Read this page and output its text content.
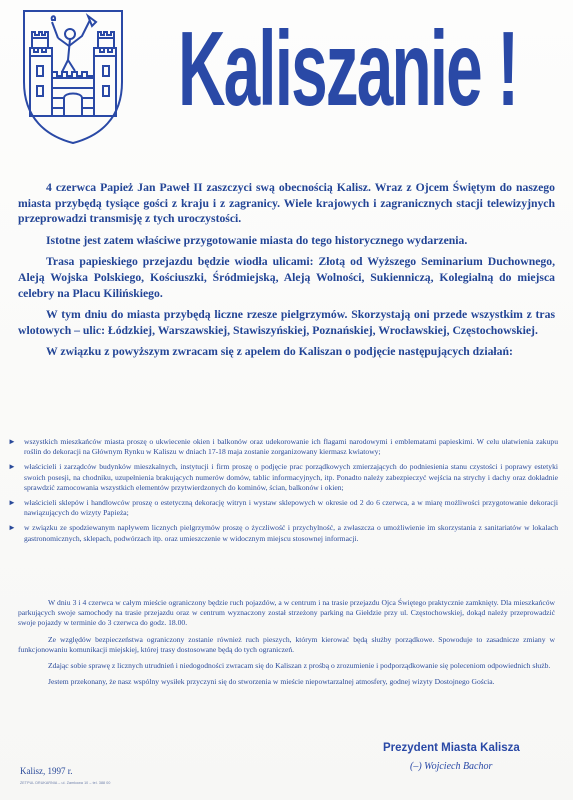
Kaliszanie !

4 czerwca Papież Jan Paweł II zaszczyci swą obecnością Kalisz. Wraz z Ojcem Świętym do naszego miasta przybędą tysiące gości z kraju i z zagranicy. Wiele krajowych i zagranicznych stacji telewizyjnych przeprowadzi transmisję z tych uroczystości.

Istotne jest zatem właściwe przygotowanie miasta do tego historycznego wydarzenia.

Trasa papieskiego przejazdu będzie wiodła ulicami: Złotą od Wyższego Seminarium Duchownego, Aleją Wojska Polskiego, Kościuszki, Śródmiejską, Aleją Wolności, Sukienniczą, Kolegialną do miejsca celebry na Placu Kilińskiego.

W tym dniu do miasta przybędą liczne rzesze pielgrzymów. Skorzystają oni przede wszystkim z tras wlotowych – ulic: Łódzkiej, Warszawskiej, Stawiszyńskiej, Poznańskiej, Wrocławskiej, Częstochowskiej.

W związku z powyższym zwracam się z apelem do Kaliszan o podjęcie następujących działań:

► wszystkich mieszkańców miasta proszę o ukwiecenie okien i balkonów oraz udekorowanie ich flagami narodowymi i emblematami papieskimi. W celu ułatwienia zakupu roślin do dekoracji na Głównym Rynku w Kaliszu w dniach 17-18 maja zostanie zorganizowany kiermasz kwiatowy;
► właścicieli i zarządców budynków mieszkalnych, instytucji i firm proszę o podjęcie prac porządkowych zmierzających do podniesienia stanu czystości i poprawy estetyki swoich posesji, na chodniku, uzupełnienia brakujących numerów domów, tablic informacyjnych, itp. Ponadto należy zabezpieczyć wejścia na strychy i dachy oraz dokładnie sprawdzić zamocowania wszystkich elementów przytwierdzonych do kominów, ścian, balkonów i okien;
► właścicieli sklepów i handlowców proszę o estetyczną dekorację witryn i wystaw sklepowych w okresie od 2 do 6 czerwca, a w miarę możliwości przygotowanie dekoracji nawiązujących do wizyty Papieża;
► w związku ze spodziewanym napływem licznych pielgrzymów proszę o życzliwość i przychylność, a zwłaszcza o umożliwienie im skorzystania z sanitariatów w lokalach gastronomicznych, sklepach, podwórzach itp. oraz umieszczenie w widocznym miejscu stosownej informacji.

W dniu 3 i 4 czerwca w całym mieście ograniczony będzie ruch pojazdów, a w centrum i na trasie przejazdu Ojca Świętego praktycznie zamknięty. Dla mieszkańców parkujących swoje samochody na trasie przejazdu oraz w centrum wyznaczony został strzeżony parking na Giełdzie przy ul. Częstochowskiej, dokąd należy przeprowadzić swoje pojazdy w terminie do 3 czerwca do godz. 18.00.

Ze względów bezpieczeństwa ograniczony zostanie również ruch pieszych, którym kierować będą służby porządkowe. Spowoduje to zasadnicze zmiany w funkcjonowaniu komunikacji miejskiej, której trasy dostosowane będą do tych ograniczeń.

Zdając sobie sprawę z licznych utrudnień i niedogodności zwracam się do Kaliszan z prośbą o zrozumienie i podporządkowanie się poleceniom odpowiednich służb.

Jestem przekonany, że nasz wspólny wysiłek przyczyni się do stworzenia w mieście niepowtarzalnej atmosfery, godnej wizyty Dostojnego Gościa.

Prezydent Miasta Kalisza
(–) Wojciech Bachor
Kalisz, 1997 r.
ZETPUL DRUKARNIA – ul. Zamkowa 10 – tel. 388 00
